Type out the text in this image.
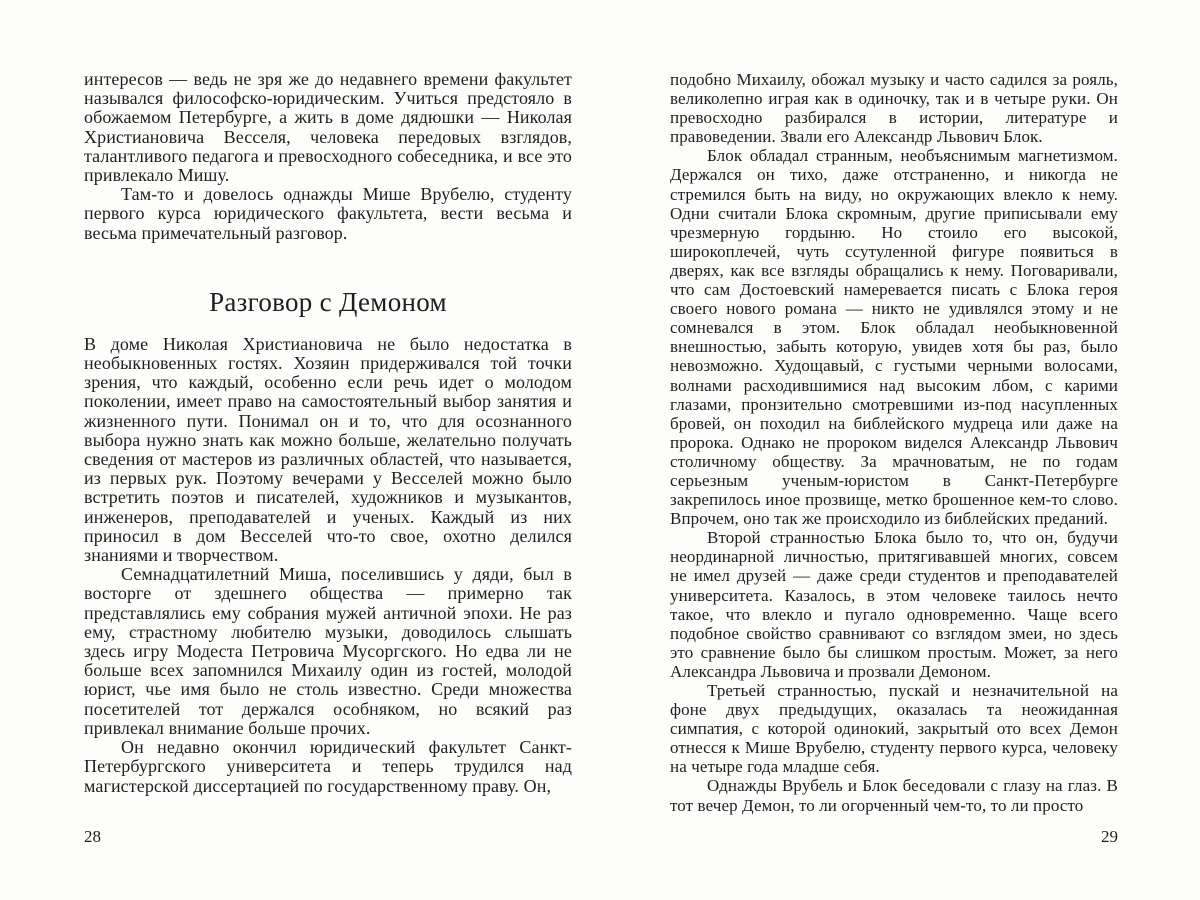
интересов — ведь не зря же до недавнего времени факультет назывался философско-юридическим. Учиться предстояло в обожаемом Петербурге, а жить в доме дядюшки — Николая Христиановича Весселя, человека передовых взглядов, талантливого педагога и превосходного собеседника, и все это привлекало Мишу.

Там-то и довелось однажды Мише Врубелю, студенту первого курса юридического факультета, вести весьма и весьма примечательный разговор.

Разговор с Демоном

В доме Николая Христиановича не было недостатка в необыкновенных гостях. Хозяин придерживался той точки зрения, что каждый, особенно если речь идет о молодом поколении, имеет право на самостоятельный выбор занятия и жизненного пути. Понимал он и то, что для осознанного выбора нужно знать как можно больше, желательно получать сведения от мастеров из различных областей, что называется, из первых рук. Поэтому вечерами у Весселей можно было встретить поэтов и писателей, художников и музыкантов, инженеров, преподавателей и ученых. Каждый из них приносил в дом Весселей что-то свое, охотно делился знаниями и творчеством.

Семнадцатилетний Миша, поселившись у дяди, был в восторге от здешнего общества — примерно так представлялись ему собрания мужей античной эпохи. Не раз ему, страстному любителю музыки, доводилось слышать здесь игру Модеста Петровича Мусоргского. Но едва ли не больше всех запомнился Михаилу один из гостей, молодой юрист, чье имя было не столь известно. Среди множества посетителей тот держался особняком, но всякий раз привлекал внимание больше прочих.

Он недавно окончил юридический факультет Санкт-Петербургского университета и теперь трудился над магистерской диссертацией по государственному праву. Он,

28

подобно Михаилу, обожал музыку и часто садился за рояль, великолепно играя как в одиночку, так и в четыре руки. Он превосходно разбирался в истории, литературе и правоведении. Звали его Александр Львович Блок.

Блок обладал странным, необъяснимым магнетизмом. Держался он тихо, даже отстраненно, и никогда не стремился быть на виду, но окружающих влекло к нему. Одни считали Блока скромным, другие приписывали ему чрезмерную гордыню. Но стоило его высокой, широкоплечей, чуть ссутуленной фигуре появиться в дверях, как все взгляды обращались к нему. Поговаривали, что сам Достоевский намеревается писать с Блока героя своего нового романа — никто не удивлялся этому и не сомневался в этом. Блок обладал необыкновенной внешностью, забыть которую, увидев хотя бы раз, было невозможно. Худощавый, с густыми черными волосами, волнами расходившимися над высоким лбом, с карими глазами, пронзительно смотревшими из-под насупленных бровей, он походил на библейского мудреца или даже на пророка. Однако не пророком виделся Александр Львович столичному обществу. За мрачноватым, не по годам серьезным ученым-юристом в Санкт-Петербурге закрепилось иное прозвище, метко брошенное кем-то слово. Впрочем, оно так же происходило из библейских преданий.

Второй странностью Блока было то, что он, будучи неординарной личностью, притягивавшей многих, совсем не имел друзей — даже среди студентов и преподавателей университета. Казалось, в этом человеке таилось нечто такое, что влекло и пугало одновременно. Чаще всего подобное свойство сравнивают со взглядом змеи, но здесь это сравнение было бы слишком простым. Может, за него Александра Львовича и прозвали Демоном.

Третьей странностью, пускай и незначительной на фоне двух предыдущих, оказалась та неожиданная симпатия, с которой одинокий, закрытый ото всех Демон отнесся к Мише Врубелю, студенту первого курса, человеку на четыре года младше себя.

Однажды Врубель и Блок беседовали с глазу на глаз. В тот вечер Демон, то ли огорченный чем-то, то ли просто

29
